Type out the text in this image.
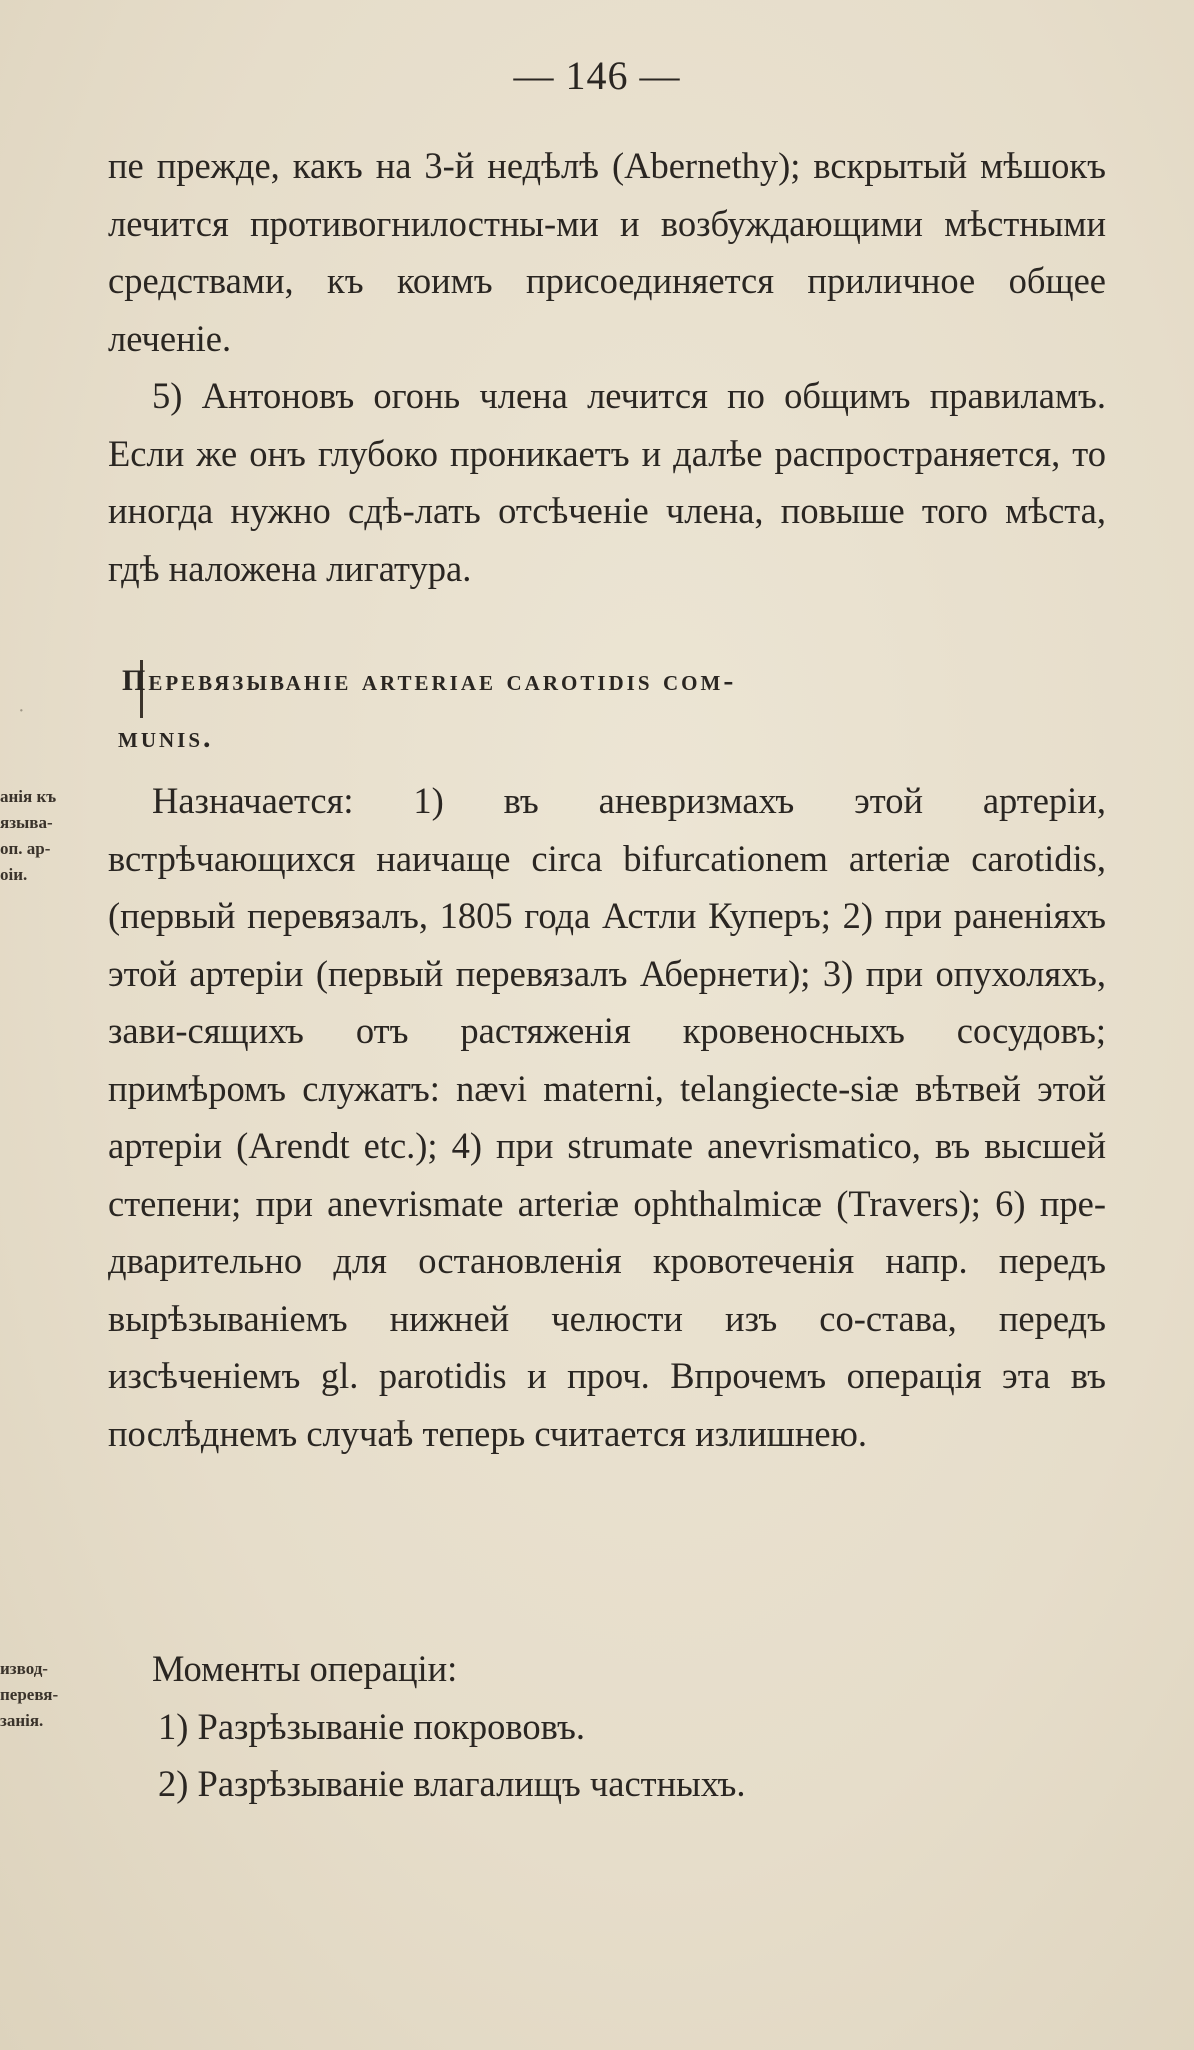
— 146 —

пе прежде, какъ на 3-й недѣлѣ (Abernethy); вскрытый мѣшокъ лечится противогнилостны-ми и возбуждающими мѣстными средствами, къ коимъ присоединяется приличное общее леченіе.

5) Антоновъ огонь члена лечится по общимъ правиламъ. Если же онъ глубоко проникаетъ и далѣе распространяется, то иногда нужно сдѣ-лать отсѣченіе члена, повыше того мѣста, гдѣ наложена лигатура.

·
Перевязываніе arteriae carotidis com-
munis.
анія къ
языва-
оп. ар-
оіи.

Назначается: 1) въ аневризмахъ этой артеріи, встрѣчающихся наичаще circa bifurcationem arteriæ carotidis, (первый перевязалъ, 1805 года Астли Куперъ; 2) при раненіяхъ этой артеріи (первый перевязалъ Абернети); 3) при опухоляхъ, зави-сящихъ отъ растяженія кровеносныхъ сосудовъ; примѣромъ служатъ: nævi materni, telangiecte-siæ вѣтвей этой артеріи (Arendt etc.); 4) при strumate anevrismatico, въ высшей степени; при anevrismate arteriæ ophthalmicæ (Travers); 6) пре-дварительно для остановленія кровотеченія напр. передъ вырѣзываніемъ нижней челюсти изъ со-става, передъ изсѣченіемъ gl. parotidis и проч. Впрочемъ операція эта въ послѣднемъ случаѣ теперь считается излишнею.

извод-
перевя-
занія.

Моменты операціи:

1) Разрѣзываніе покрововъ.

2) Разрѣзываніе влагалищъ частныхъ.
